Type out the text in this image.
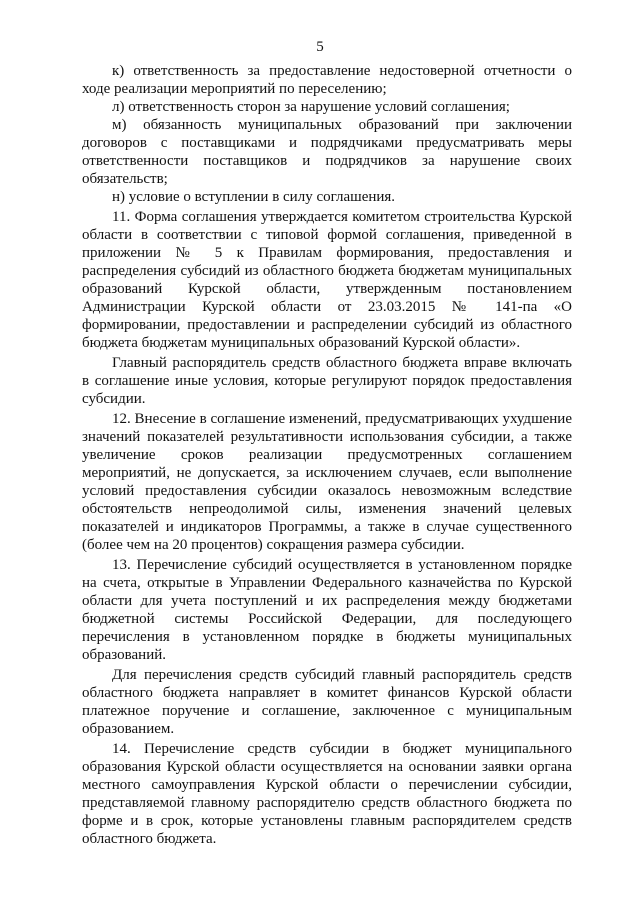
5

к) ответственность за предоставление недостоверной отчетности о ходе реализации мероприятий по переселению;

л) ответственность сторон за нарушение условий соглашения;

м) обязанность муниципальных образований при заключении договоров с поставщиками и подрядчиками предусматривать меры ответственности поставщиков и подрядчиков за нарушение своих обязательств;

н) условие о вступлении в силу соглашения.

11. Форма соглашения утверждается комитетом строительства Курской области в соответствии с типовой формой соглашения, приведенной в приложении № 5 к Правилам формирования, предоставления и распределения субсидий из областного бюджета бюджетам муниципальных образований Курской области, утвержденным постановлением Администрации Курской области от 23.03.2015 № 141-па «О формировании, предоставлении и распределении субсидий из областного бюджета бюджетам муниципальных образований Курской области».

Главный распорядитель средств областного бюджета вправе включать в соглашение иные условия, которые регулируют порядок предоставления субсидии.

12. Внесение в соглашение изменений, предусматривающих ухудшение значений показателей результативности использования субсидии, а также увеличение сроков реализации предусмотренных соглашением мероприятий, не допускается, за исключением случаев, если выполнение условий предоставления субсидии оказалось невозможным вследствие обстоятельств непреодолимой силы, изменения значений целевых показателей и индикаторов Программы, а также в случае существенного (более чем на 20 процентов) сокращения размера субсидии.

13. Перечисление субсидий осуществляется в установленном порядке на счета, открытые в Управлении Федерального казначейства по Курской области для учета поступлений и их распределения между бюджетами бюджетной системы Российской Федерации, для последующего перечисления в установленном порядке в бюджеты муниципальных образований.

Для перечисления средств субсидий главный распорядитель средств областного бюджета направляет в комитет финансов Курской области платежное поручение и соглашение, заключенное с муниципальным образованием.

14. Перечисление средств субсидии в бюджет муниципального образования Курской области осуществляется на основании заявки органа местного самоуправления Курской области о перечислении субсидии, представляемой главному распорядителю средств областного бюджета по форме и в срок, которые установлены главным распорядителем средств областного бюджета.
